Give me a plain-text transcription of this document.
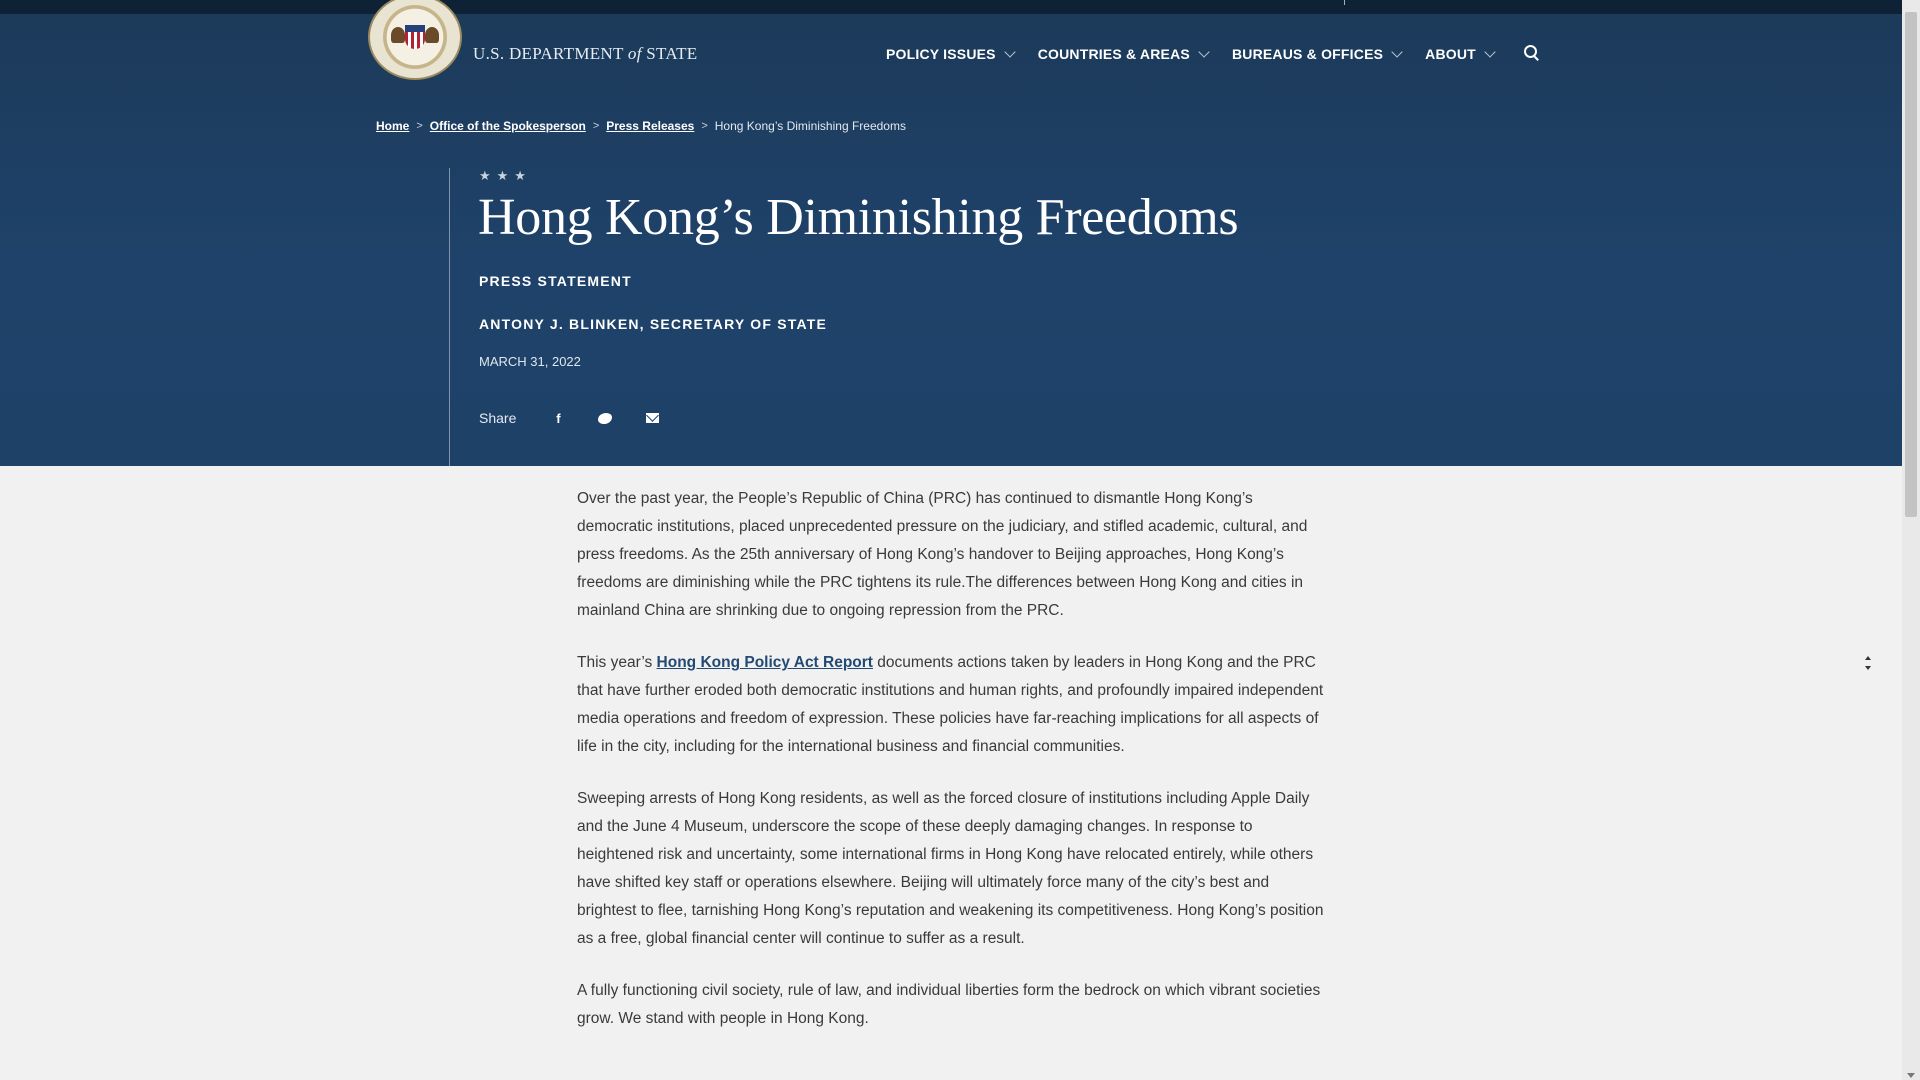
U.S. DEPARTMENT of STATE	POLICY ISSUES	COUNTRIES & AREAS	BUREAUS & OFFICES	ABOUT
Home > Office of the Spokesperson > Press Releases > Hong Kong’s Diminishing Freedoms
★★★
Hong Kong’s Diminishing Freedoms
PRESS STATEMENT
ANTONY J. BLINKEN, SECRETARY OF STATE
MARCH 31, 2022
Share	f

Over the past year, the People’s Republic of China (PRC) has continued to dismantle Hong Kong’s democratic institutions, placed unprecedented pressure on the judiciary, and stifled academic, cultural, and press freedoms. As the 25th anniversary of Hong Kong’s handover to Beijing approaches, Hong Kong’s freedoms are diminishing while the PRC tightens its rule.The differences between Hong Kong and cities in mainland China are shrinking due to ongoing repression from the PRC.

This year’s Hong Kong Policy Act Report documents actions taken by leaders in Hong Kong and the PRC that have further eroded both democratic institutions and human rights, and profoundly impaired independent media operations and freedom of expression. These policies have far-reaching implications for all aspects of life in the city, including for the international business and financial communities.

Sweeping arrests of Hong Kong residents, as well as the forced closure of institutions including Apple Daily and the June 4 Museum, underscore the scope of these deeply damaging changes. In response to heightened risk and uncertainty, some international firms in Hong Kong have relocated entirely, while others have shifted key staff or operations elsewhere. Beijing will ultimately force many of the city’s best and brightest to flee, tarnishing Hong Kong’s reputation and weakening its competitiveness. Hong Kong’s position as a free, global financial center will continue to suffer as a result.

A fully functioning civil society, rule of law, and individual liberties form the bedrock on which vibrant societies grow. We stand with people in Hong Kong.
